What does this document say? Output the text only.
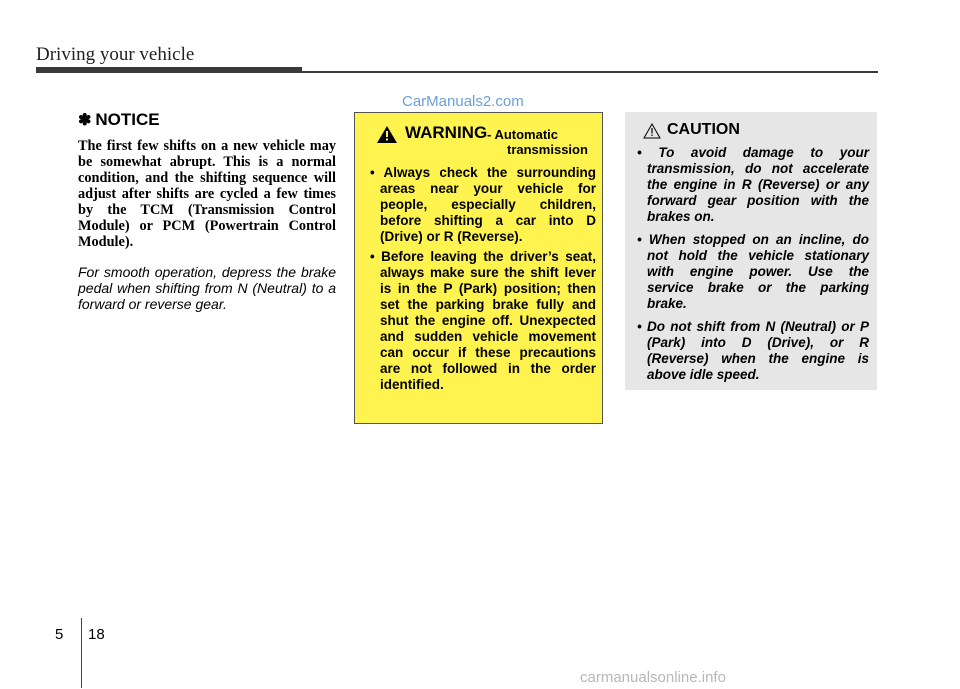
Driving your vehicle
CarManuals2.com
✽ NOTICE

The first few shifts on a new vehicle may be somewhat abrupt. This is a normal condition, and the shifting sequence will adjust after shifts are cycled a few times by the TCM (Transmission Control Module) or PCM (Powertrain Control Module).

For smooth operation, depress the brake pedal when shifting from N (Neutral) to a forward or reverse gear.

WARNING - Automatic
transmission
• Always check the surrounding areas near your vehicle for people, especially children, before shifting a car into D (Drive) or R (Reverse).
• Before leaving the driver’s seat, always make sure the shift lever is in the P (Park) position; then set the parking brake fully and shut the engine off. Unexpected and sudden vehicle movement can occur if these precautions are not followed in the order identified.
CAUTION
• To avoid damage to your transmission, do not accelerate the engine in R (Reverse) or any forward gear position with the brakes on.
• When stopped on an incline, do not hold the vehicle stationary with engine power. Use the service brake or the parking brake.
• Do not shift from N (Neutral) or P (Park) into D (Drive), or R (Reverse) when the engine is above idle speed.
5 18
carmanualsonline.info
